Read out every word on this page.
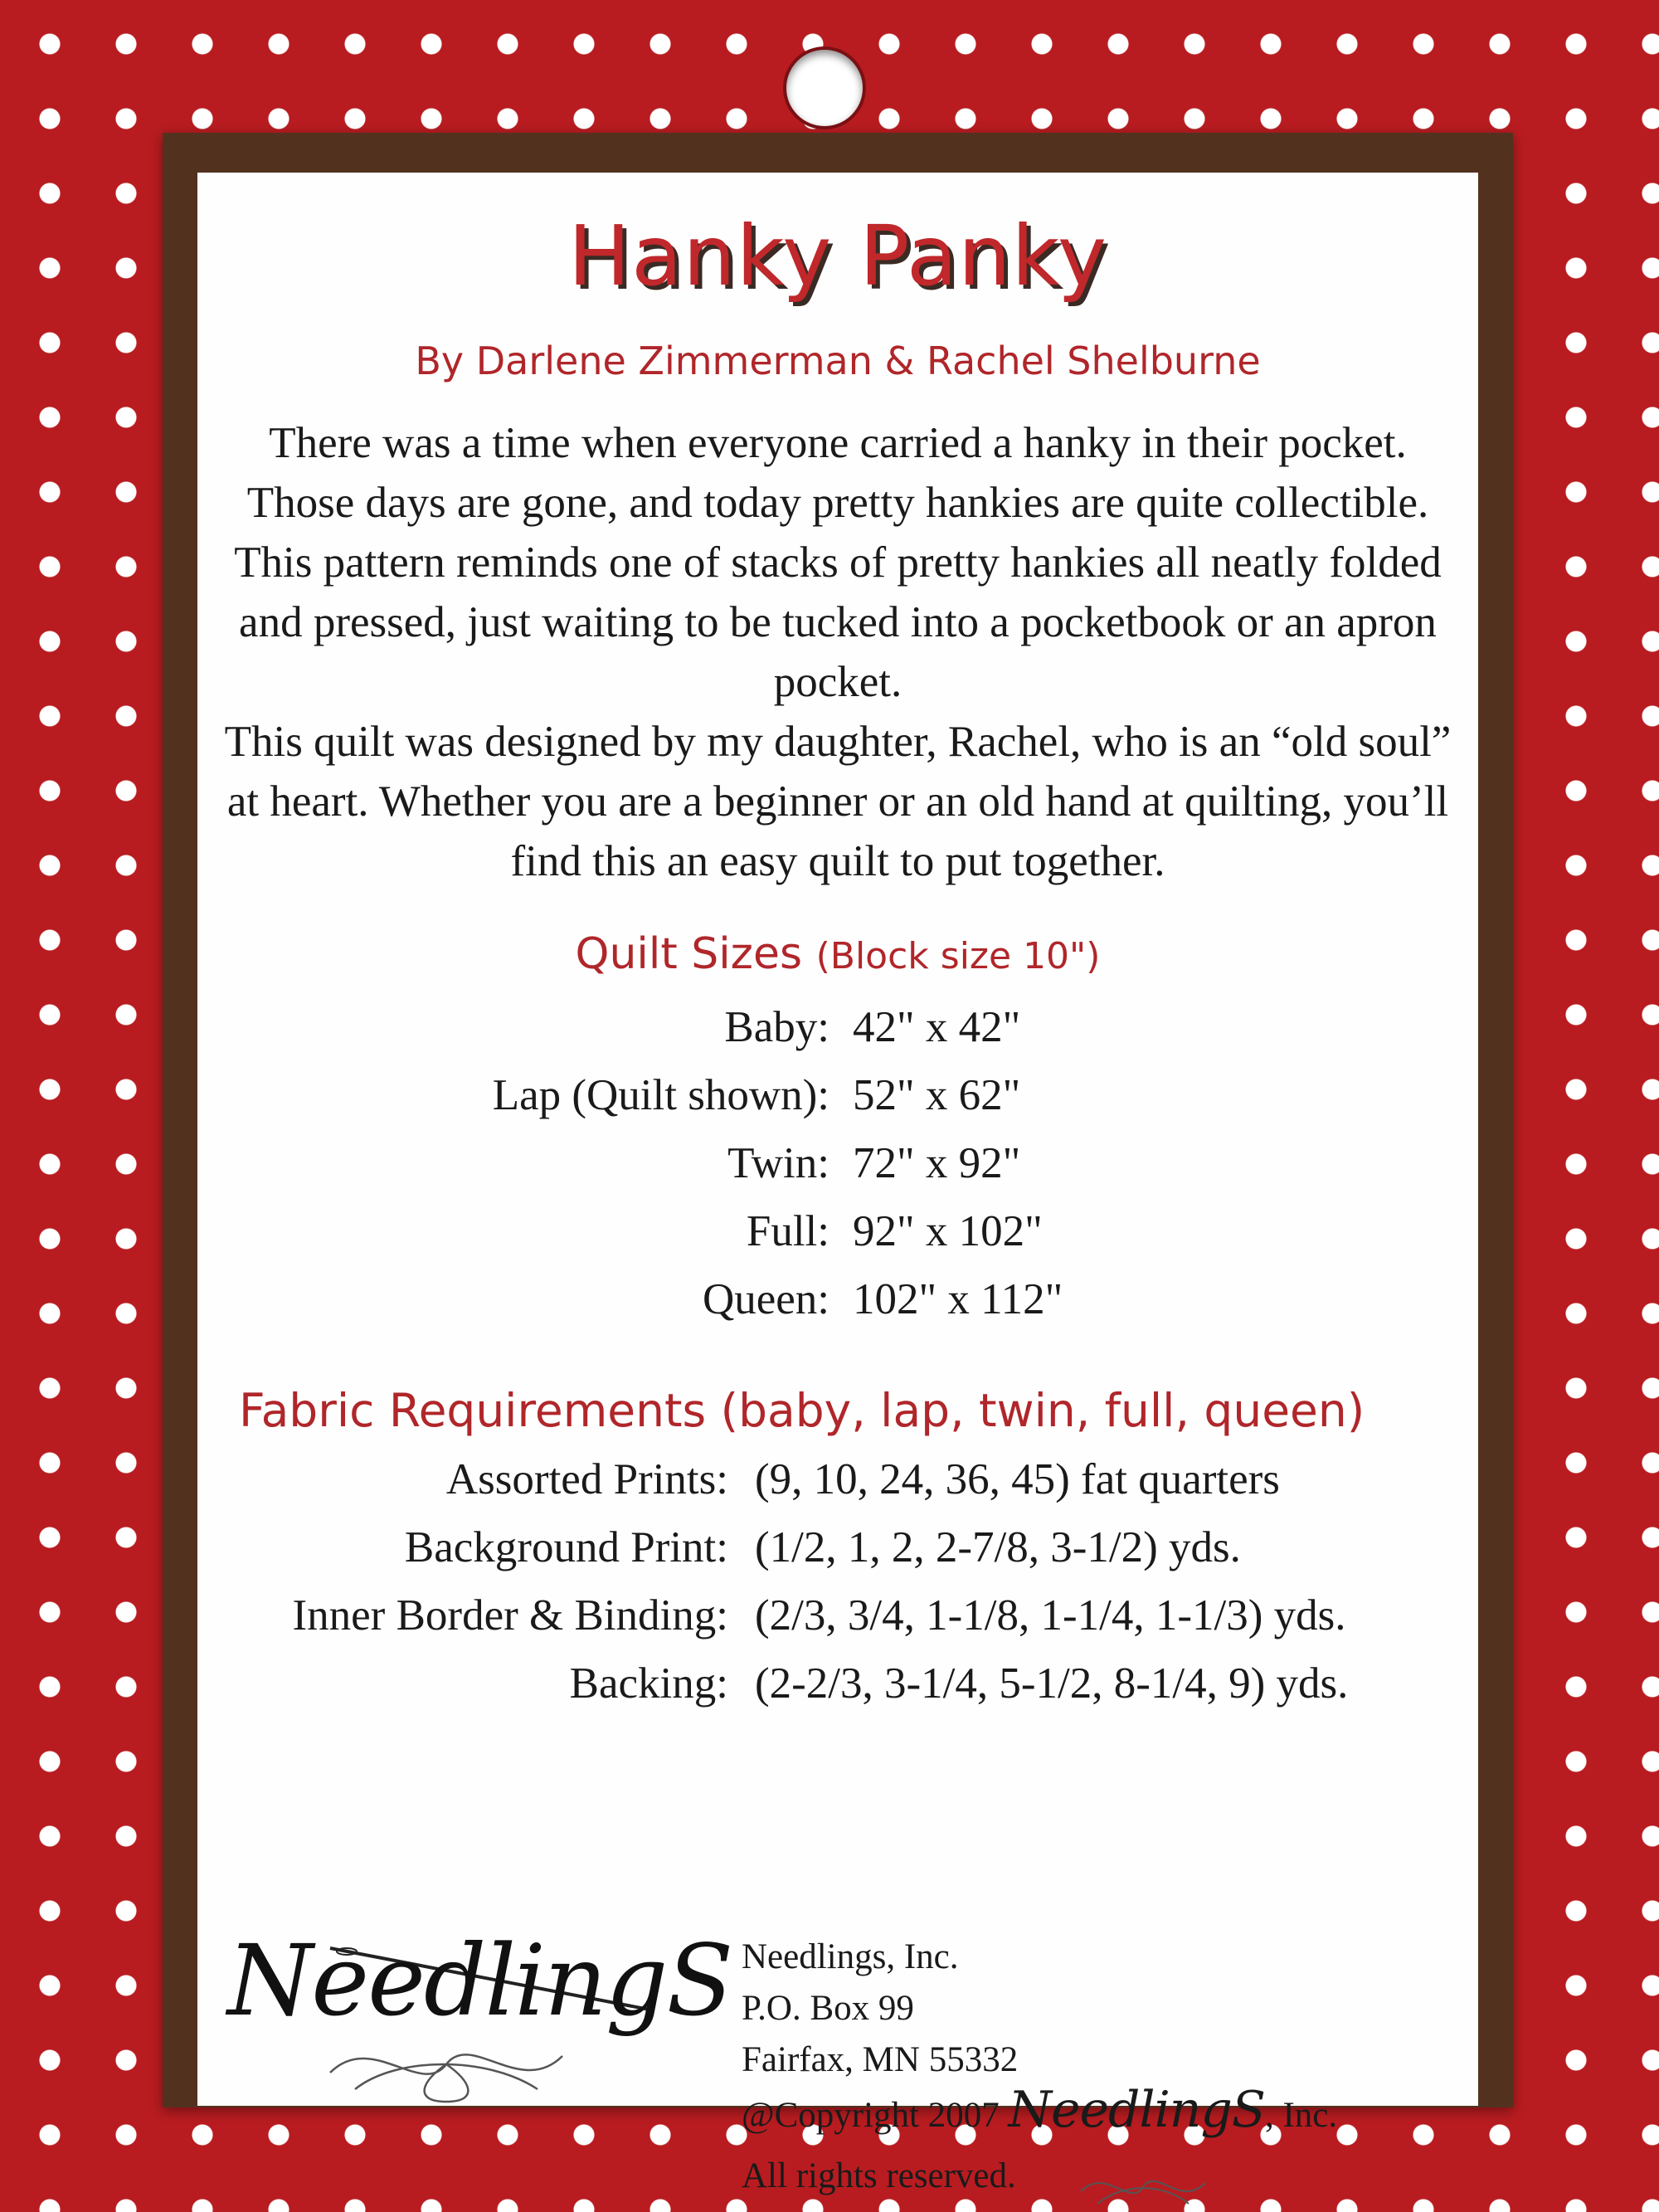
Hanky Panky
By Darlene Zimmerman & Rachel Shelburne

There was a time when everyone carried a hanky in their pocket. Those days are gone, and today pretty hankies are quite collectible. This pattern reminds one of stacks of pretty hankies all neatly folded and pressed, just waiting to be tucked into a pocketbook or an apron pocket.

This quilt was designed by my daughter, Rachel, who is an “old soul” at heart. Whether you are a beginner or an old hand at quilting, you’ll find this an easy quilt to put together.

Quilt Sizes (Block size 10")
Baby: 42" x 42"
Lap (Quilt shown): 52" x 62"
Twin: 72" x 92"
Full: 92" x 102"
Queen: 102" x 112"
Fabric Requirements (baby, lap, twin, full, queen)
Assorted Prints: (9, 10, 24, 36, 45) fat quarters
Background Print: (1/2, 1, 2, 2-7/8, 3-1/2) yds.
Inner Border & Binding: (2/3, 3/4, 1-1/8, 1-1/4, 1-1/3) yds.
Backing: (2-2/3, 3-1/4, 5-1/2, 8-1/4, 9) yds.
NeedlingS Needlings, Inc.
P.O. Box 99
Fairfax, MN 55332
@Copyright 2007 NeedlingS, Inc.
All rights reserved.
